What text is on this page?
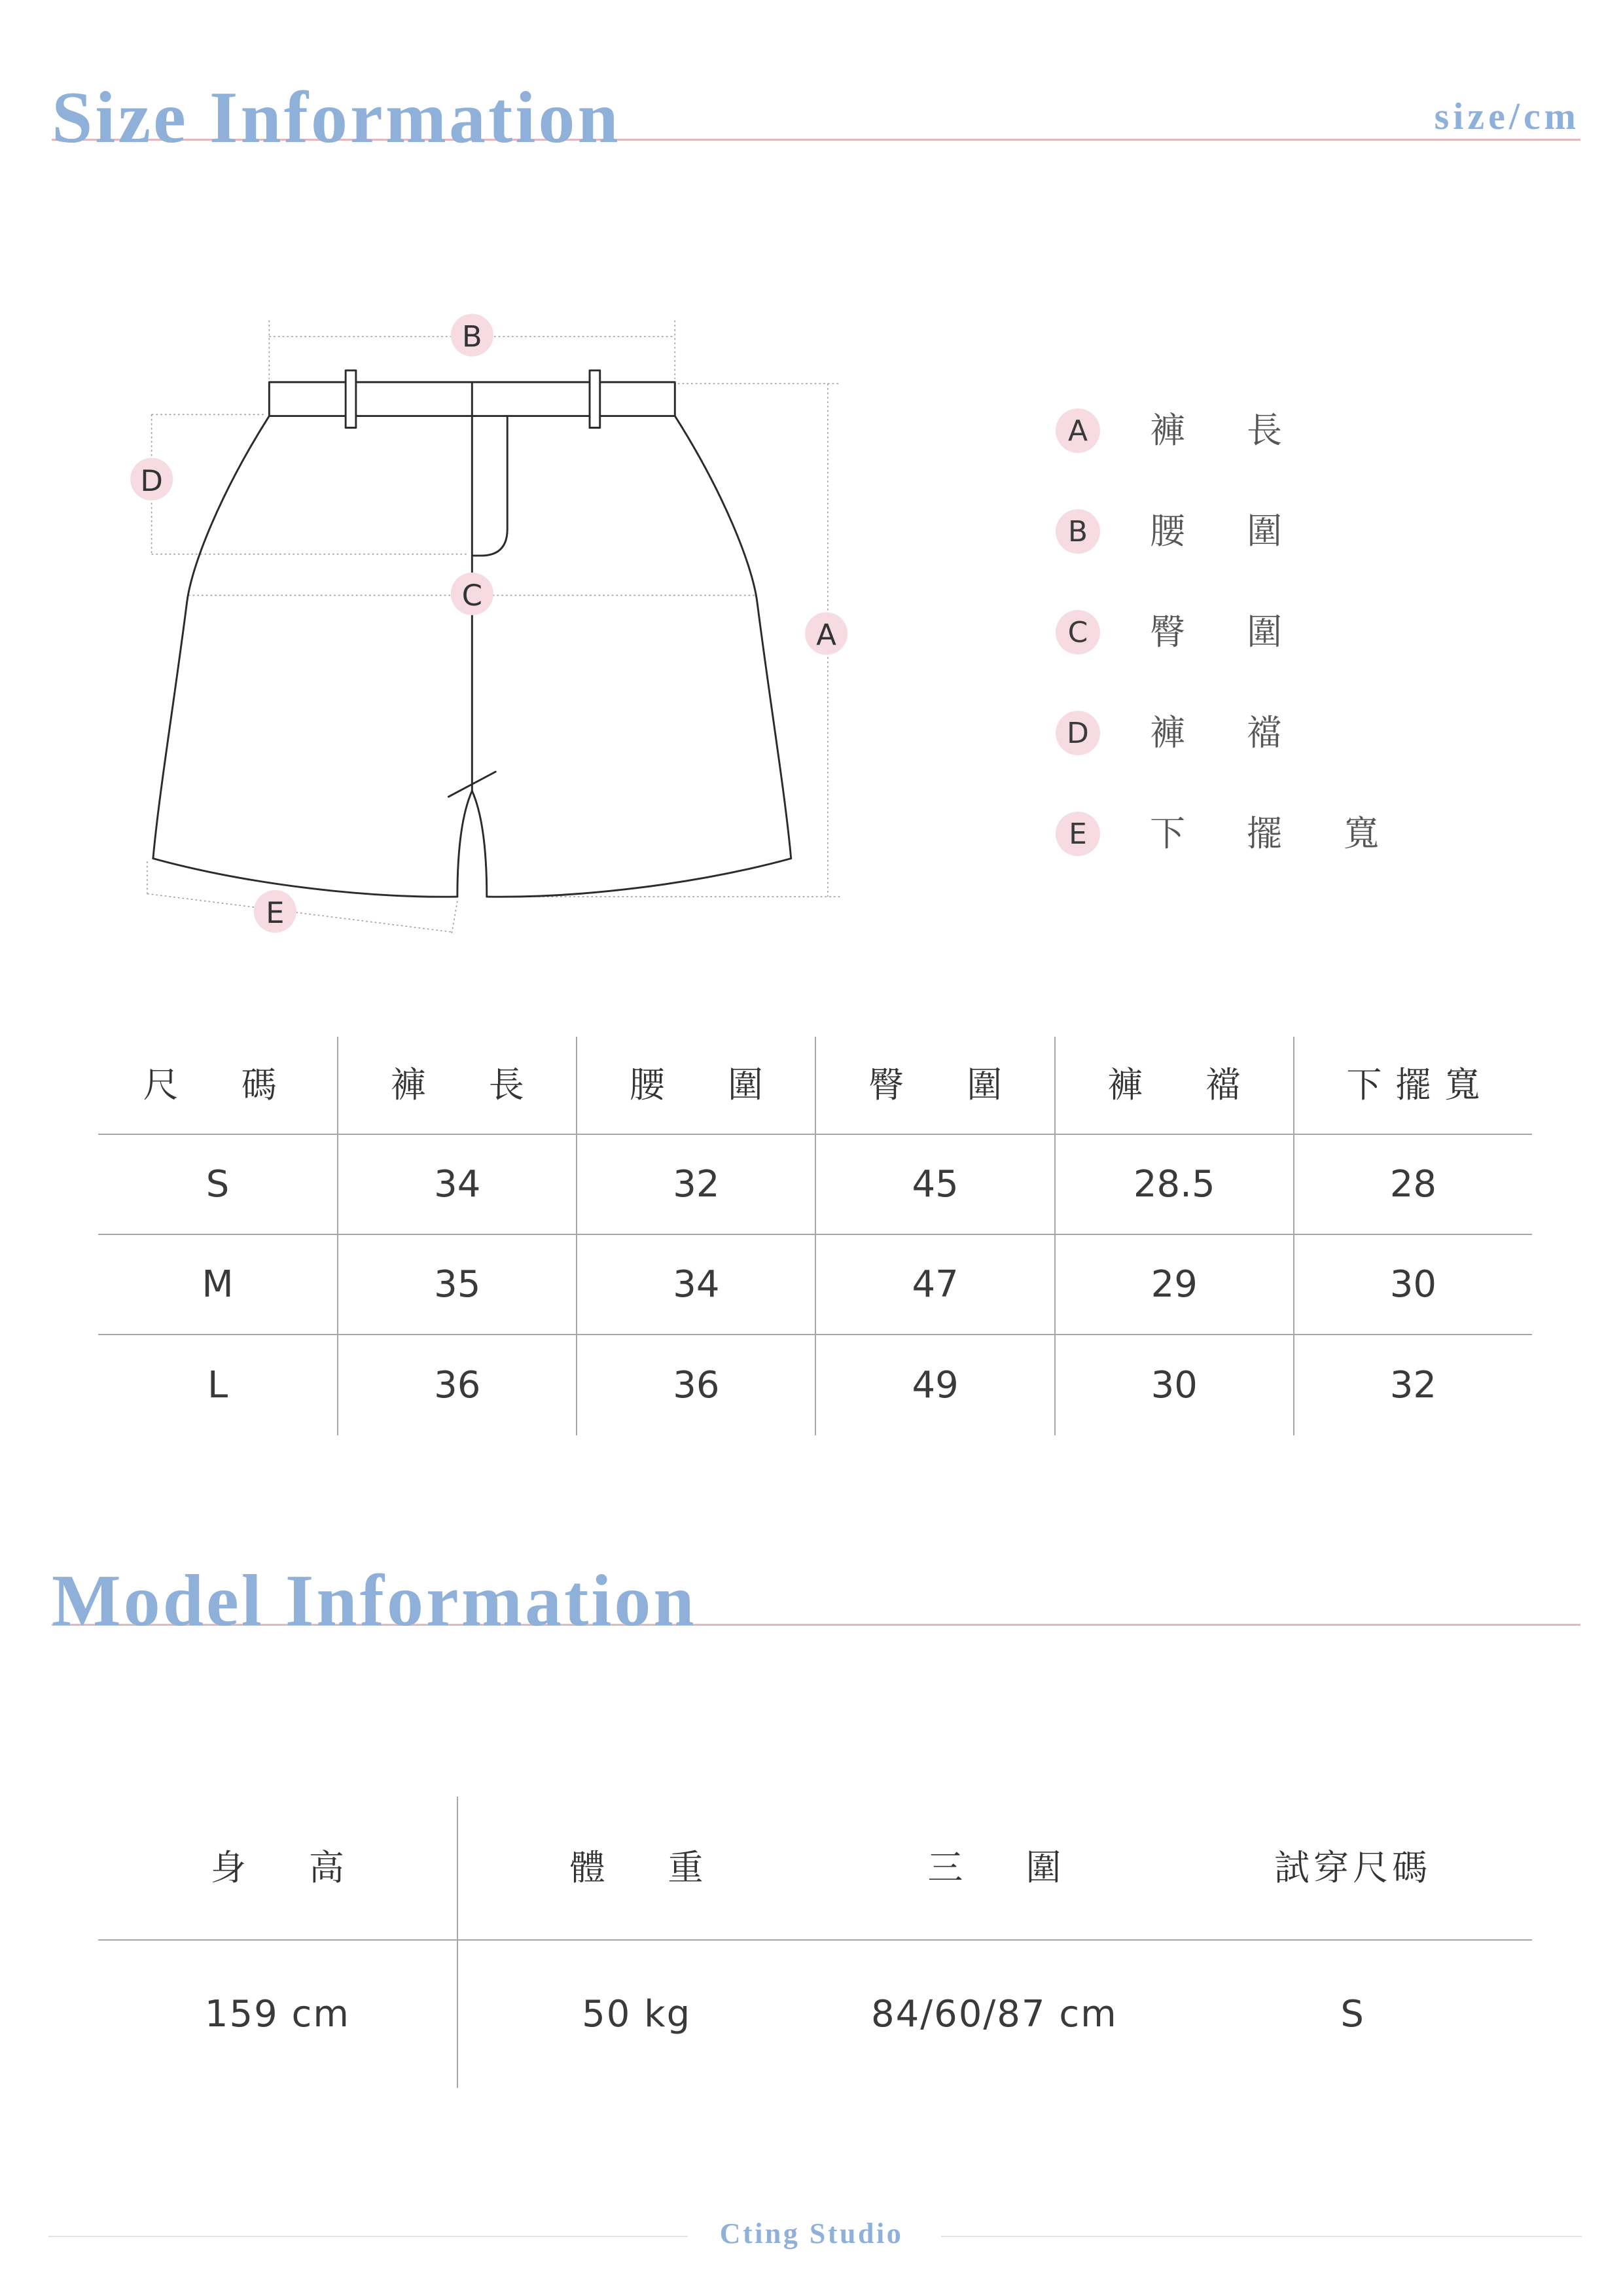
Size Information	size/cm
B
A
D
C
E
A	褲 長
B	腰 圍
C	臀 圍
D	褲 襠
E	下 擺 寬
尺 碼	褲 長	腰 圍	臀 圍	褲 襠	下 擺 寬
S	34	32	45	28.5	28
M	35	34	47	29	30
L	36	36	49	30	32
Model Information
身 高	體 重	三 圍	試穿尺碼
159 cm	50 kg	84/60/87 cm	S
Cting Studio
